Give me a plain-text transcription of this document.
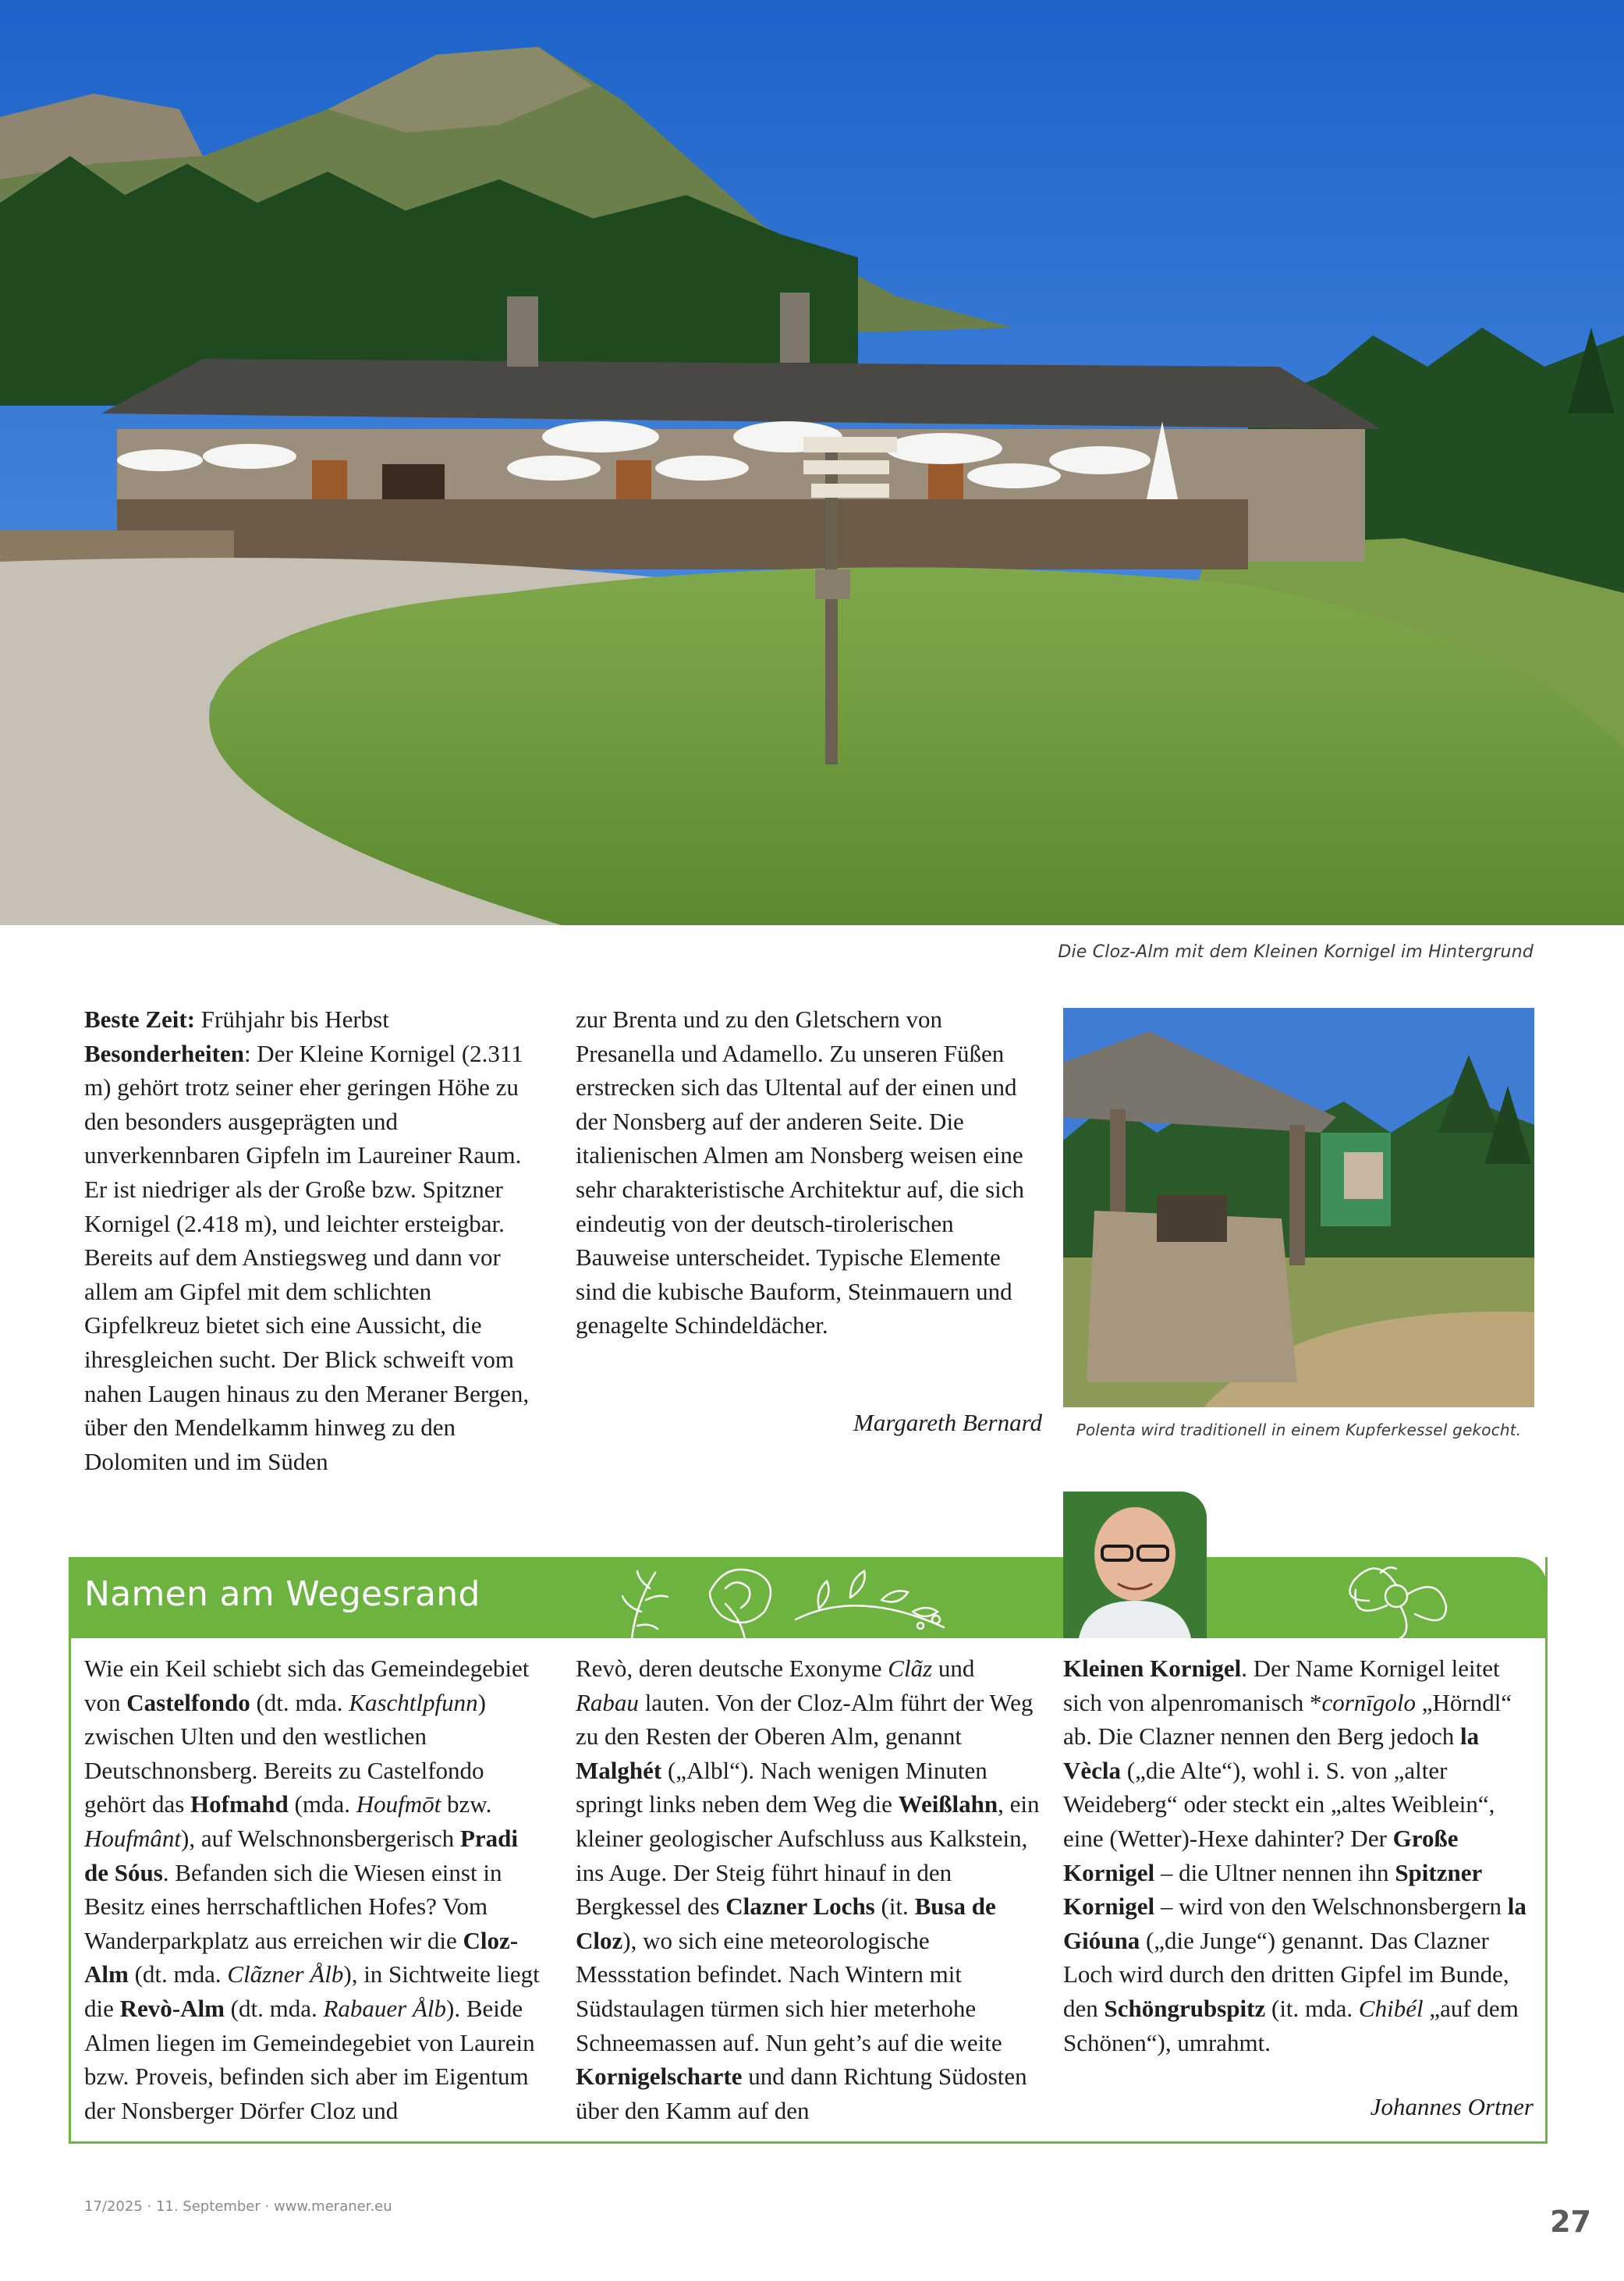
Die Cloz-Alm mit dem Kleinen Kornigel im Hintergrund

Beste Zeit: Frühjahr bis Herbst
Besonderheiten: Der Kleine Kornigel (2.311 m) gehört trotz seiner eher geringen Höhe zu den besonders ausgeprägten und unverkennbaren Gipfeln im Laureiner Raum. Er ist niedriger als der Große bzw. Spitzner Kornigel (2.418 m), und leichter ersteigbar. Bereits auf dem Anstiegsweg und dann vor allem am Gipfel mit dem schlichten Gipfelkreuz bietet sich eine Aussicht, die ihresgleichen sucht. Der Blick schweift vom nahen Laugen hinaus zu den Meraner Bergen, über den Mendelkamm hinweg zu den Dolomiten und im Süden

zur Brenta und zu den Gletschern von Presanella und Adamello. Zu unseren Füßen erstrecken sich das Ultental auf der einen und der Nonsberg auf der anderen Seite. Die italienischen Almen am Nonsberg weisen eine sehr charakteristische Architektur auf, die sich eindeutig von der deutsch-tirolerischen Bauweise unterscheidet. Typische Elemente sind die kubische Bauform, Steinmauern und genagelte Schindeldächer.

Margareth Bernard	Polenta wird traditionell in einem Kupferkessel gekocht.
Namen am Wegesrand

Wie ein Keil schiebt sich das Gemeindegebiet von Castelfondo (dt. mda. Kaschtlpfunn) zwischen Ulten und den westlichen Deutschnonsberg. Bereits zu Castelfondo gehört das Hofmahd (mda. Houfmōt bzw. Houfmânt), auf Welschnonsbergerisch Pradi de Sóus. Befanden sich die Wiesen einst in Besitz eines herrschaftlichen Hofes? Vom Wanderparkplatz aus erreichen wir die Cloz-Alm (dt. mda. Clãzner Ålb), in Sichtweite liegt die Revò-Alm (dt. mda. Rabauer Ålb). Beide Almen liegen im Gemeindegebiet von Laurein bzw. Proveis, befinden sich aber im Eigentum der Nonsberger Dörfer Cloz und

Revò, deren deutsche Exonyme Clãz und Rabau lauten. Von der Cloz-Alm führt der Weg zu den Resten der Oberen Alm, genannt Malghét („Albl“). Nach wenigen Minuten springt links neben dem Weg die Weißlahn, ein kleiner geologischer Aufschluss aus Kalkstein, ins Auge. Der Steig führt hinauf in den Bergkessel des Clazner Lochs (it. Busa de Cloz), wo sich eine meteorologische Messstation befindet. Nach Wintern mit Südstaulagen türmen sich hier meterhohe Schneemassen auf. Nun geht’s auf die weite Kornigelscharte und dann Richtung Südosten über den Kamm auf den

Kleinen Kornigel. Der Name Kornigel leitet sich von alpenromanisch *cornīgolo „Hörndl“ ab. Die Clazner nennen den Berg jedoch la Vècla („die Alte“), wohl i. S. von „alter Weideberg“ oder steckt ein „altes Weiblein“, eine (Wetter)-Hexe dahinter? Der Große Kornigel – die Ultner nennen ihn Spitzner Kornigel – wird von den Welschnonsbergern la Gióuna („die Junge“) genannt. Das Clazner Loch wird durch den dritten Gipfel im Bunde, den Schöngrubspitz (it. mda. Chibél „auf dem Schönen“), umrahmt.

Johannes Ortner
17/2025 · 11. September · www.meraner.eu	27
